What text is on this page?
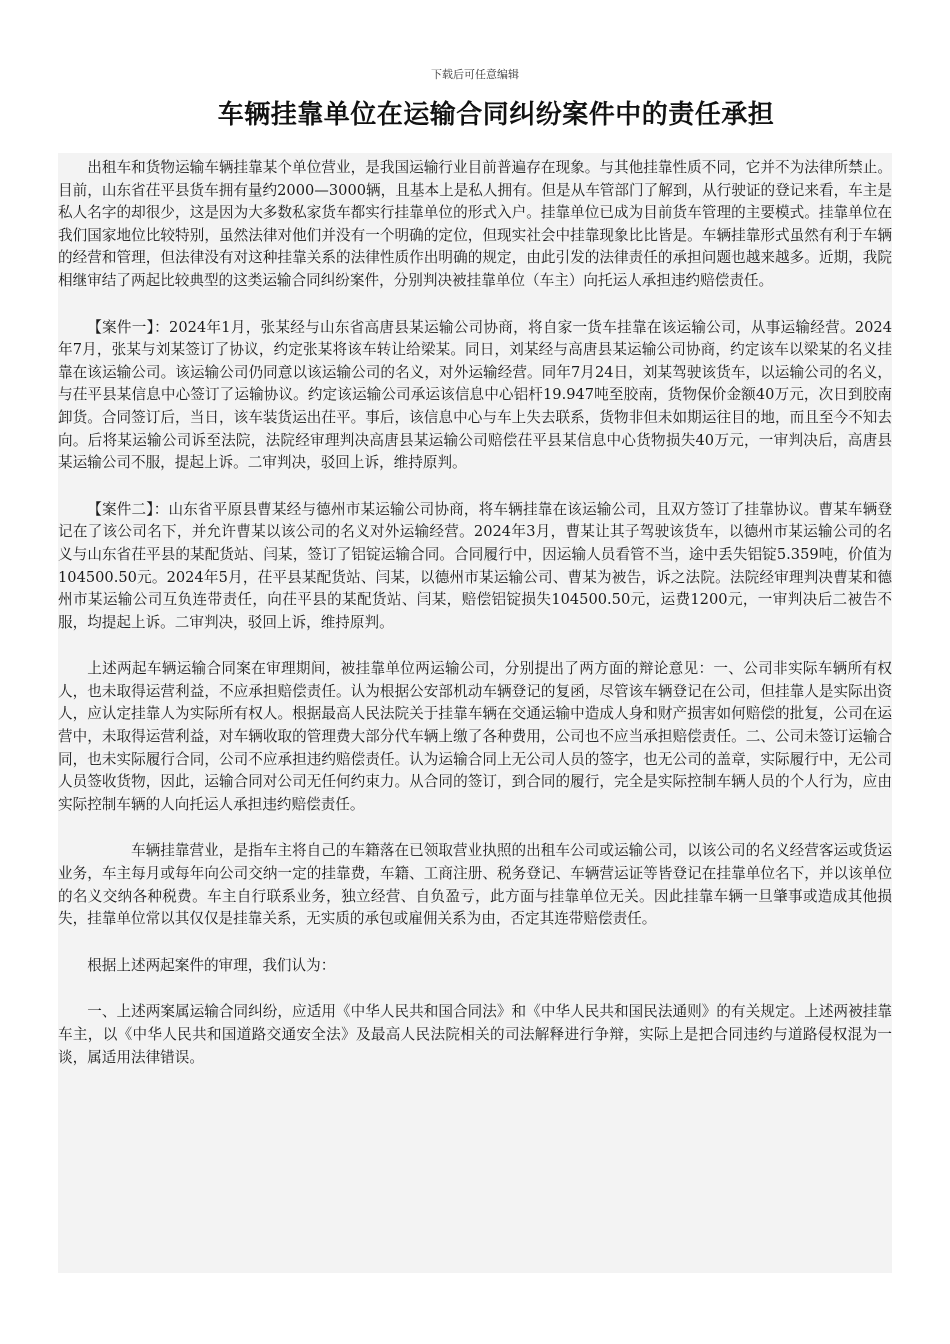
下载后可任意编辑
车辆挂靠单位在运输合同纠纷案件中的责任承担

出租车和货物运输车辆挂靠某个单位营业，是我国运输行业目前普遍存在现象。与其他挂靠性质不同，它并不为法律所禁止。目前，山东省茌平县货车拥有量约2000—3000辆，且基本上是私人拥有。但是从车管部门了解到，从行驶证的登记来看，车主是私人名字的却很少，这是因为大多数私家货车都实行挂靠单位的形式入户。挂靠单位已成为目前货车管理的主要模式。挂靠单位在我们国家地位比较特别，虽然法律对他们并没有一个明确的定位，但现实社会中挂靠现象比比皆是。车辆挂靠形式虽然有利于车辆的经营和管理，但法律没有对这种挂靠关系的法律性质作出明确的规定，由此引发的法律责任的承担问题也越来越多。近期，我院相继审结了两起比较典型的这类运输合同纠纷案件，分别判决被挂靠单位（车主）向托运人承担违约赔偿责任。

【案件一】：2024年1月，张某经与山东省高唐县某运输公司协商，将自家一货车挂靠在该运输公司，从事运输经营。2024年7月，张某与刘某签订了协议，约定张某将该车转让给梁某。同日，刘某经与高唐县某运输公司协商，约定该车以梁某的名义挂靠在该运输公司。该运输公司仍同意以该运输公司的名义，对外运输经营。同年7月24日，刘某驾驶该货车，以运输公司的名义，与茌平县某信息中心签订了运输协议。约定该运输公司承运该信息中心铝杆19.947吨至胶南，货物保价金额40万元，次日到胶南卸货。合同签订后，当日，该车装货运出茌平。事后，该信息中心与车上失去联系，货物非但未如期运往目的地，而且至今不知去向。后将某运输公司诉至法院，法院经审理判决高唐县某运输公司赔偿茌平县某信息中心货物损失40万元，一审判决后，高唐县某运输公司不服，提起上诉。二审判决，驳回上诉，维持原判。

【案件二】：山东省平原县曹某经与德州市某运输公司协商，将车辆挂靠在该运输公司，且双方签订了挂靠协议。曹某车辆登记在了该公司名下，并允许曹某以该公司的名义对外运输经营。2024年3月，曹某让其子驾驶该货车，以德州市某运输公司的名义与山东省茌平县的某配货站、闫某，签订了铝锭运输合同。合同履行中，因运输人员看管不当，途中丢失铝锭5.359吨，价值为104500.50元。2024年5月，茌平县某配货站、闫某，以德州市某运输公司、曹某为被告，诉之法院。法院经审理判决曹某和德州市某运输公司互负连带责任，向茌平县的某配货站、闫某，赔偿铝锭损失104500.50元，运费1200元，一审判决后二被告不服，均提起上诉。二审判决，驳回上诉，维持原判。

上述两起车辆运输合同案在审理期间，被挂靠单位两运输公司，分别提出了两方面的辩论意见：一、公司非实际车辆所有权人，也未取得运营利益，不应承担赔偿责任。认为根据公安部机动车辆登记的复函，尽管该车辆登记在公司，但挂靠人是实际出资人，应认定挂靠人为实际所有权人。根据最高人民法院关于挂靠车辆在交通运输中造成人身和财产损害如何赔偿的批复，公司在运营中，未取得运营利益，对车辆收取的管理费大部分代车辆上缴了各种费用，公司也不应当承担赔偿责任。二、公司未签订运输合同，也未实际履行合同，公司不应承担违约赔偿责任。认为运输合同上无公司人员的签字，也无公司的盖章，实际履行中，无公司人员签收货物，因此，运输合同对公司无任何约束力。从合同的签订，到合同的履行，完全是实际控制车辆人员的个人行为，应由实际控制车辆的人向托运人承担违约赔偿责任。

车辆挂靠营业，是指车主将自己的车籍落在已领取营业执照的出租车公司或运输公司，以该公司的名义经营客运或货运业务，车主每月或每年向公司交纳一定的挂靠费，车籍、工商注册、税务登记、车辆营运证等皆登记在挂靠单位名下，并以该单位的名义交纳各种税费。车主自行联系业务，独立经营、自负盈亏，此方面与挂靠单位无关。因此挂靠车辆一旦肇事或造成其他损失，挂靠单位常以其仅仅是挂靠关系，无实质的承包或雇佣关系为由，否定其连带赔偿责任。

根据上述两起案件的审理，我们认为：

一、上述两案属运输合同纠纷，应适用《中华人民共和国合同法》和《中华人民共和国民法通则》的有关规定。上述两被挂靠车主，以《中华人民共和国道路交通安全法》及最高人民法院相关的司法解释进行争辩，实际上是把合同违约与道路侵权混为一谈，属适用法律错误。
